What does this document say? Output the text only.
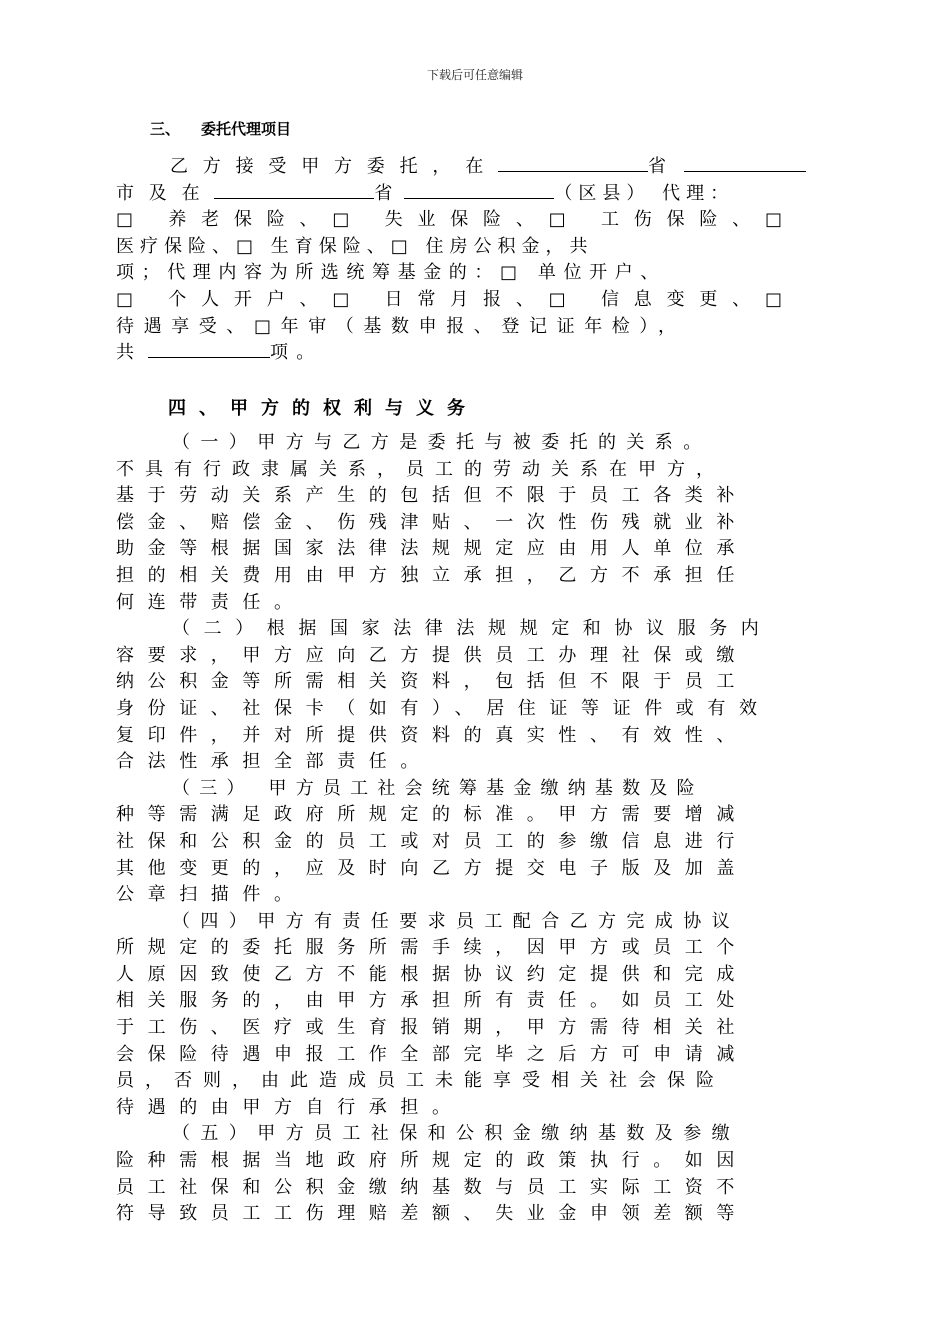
下载后可任意编辑
三、 委托代理项目
乙方接受甲方委托，在	省
市及在	省	（区县） 代理：
□ 养老保险、□ 失业保险、□ 工伤保险、□
医疗保险、□ 生育保险、□ 住房公积金，共
项；代理内容为所选统筹基金的：□ 单位开户、
□ 个人开户、□ 日常月报、□ 信息变更、□
待遇享受、□年审（基数申报、登记证年检），
共	项。
四、甲方的权利与义务
（一）甲方与乙方是委托与被委托的关系。
不具有行政隶属关系，员工的劳动关系在甲方，
基于劳动关系产生的包括但不限于员工各类补
偿金、赔偿金、伤残津贴、一次性伤残就业补
助金等根据国家法律法规规定应由用人单位承
担的相关费用由甲方独立承担，乙方不承担任
何连带责任。
（二）根据国家法律法规规定和协议服务内
容要求，甲方应向乙方提供员工办理社保或缴
纳公积金等所需相关资料，包括但不限于员工
身份证、社保卡（如有）、居住证等证件或有效
复印件，并对所提供资料的真实性、有效性、
合法性承担全部责任。
（三） 甲方员工社会统筹基金缴纳基数及险
种等需满足政府所规定的标准。甲方需要增减
社保和公积金的员工或对员工的参缴信息进行
其他变更的，应及时向乙方提交电子版及加盖
公章扫描件。
（四）甲方有责任要求员工配合乙方完成协议
所规定的委托服务所需手续，因甲方或员工个
人原因致使乙方不能根据协议约定提供和完成
相关服务的，由甲方承担所有责任。如员工处
于工伤、医疗或生育报销期，甲方需待相关社
会保险待遇申报工作全部完毕之后方可申请减
员，否则，由此造成员工未能享受相关社会保险
待遇的由甲方自行承担。
（五）甲方员工社保和公积金缴纳基数及参缴
险种需根据当地政府所规定的政策执行。如因
员工社保和公积金缴纳基数与员工实际工资不
符导致员工工伤理赔差额、失业金申领差额等
